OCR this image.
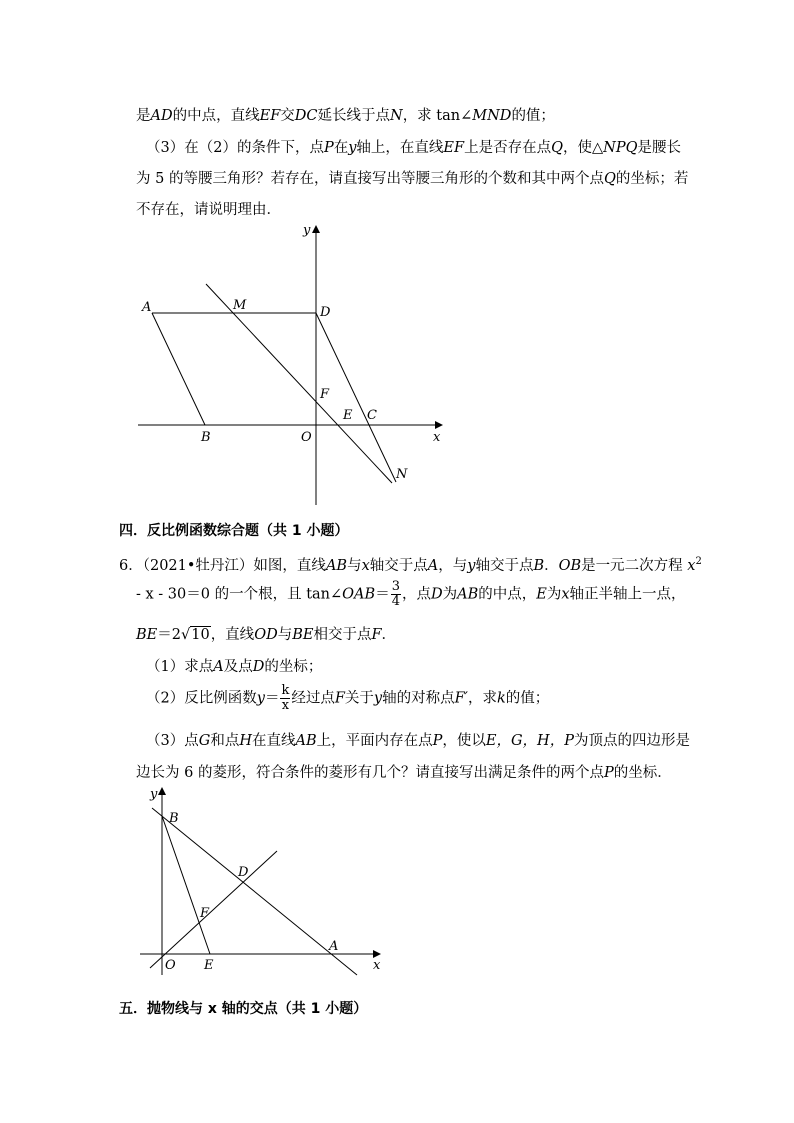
是AD的中点，直线EF交DC延长线于点N，求 tan∠MND的值；
（3）在（2）的条件下，点P在y轴上，在直线EF上是否存在点Q，使△NPQ是腰长
为 5 的等腰三角形？若存在，请直接写出等腰三角形的个数和其中两个点Q的坐标；若
不存在，请说明理由．
y
x
A	M	D
F
E C
B	O
N
四．反比例函数综合题（共 1 小题）
6．（2021•牡丹江）如图，直线AB与x轴交于点A，与y轴交于点B．OB是一元二次方程 $x^2$
- x - 30＝0 的一个根，且 tan∠OAB＝ $\frac{3}{4}$ ，点D为AB的中点，E为x轴正半轴上一点，
BE＝2√10，直线OD与BE相交于点F．
（1）求点A及点D的坐标；
（2）反比例函数$y= \frac{k}{x}$ 经过点F关于y轴的对称点F′，求k的值；
（3）点G和点H在直线AB上，平面内存在点P，使以E，G，H，P为顶点的四边形是
边长为 6 的菱形，符合条件的菱形有几个？请直接写出满足条件的两个点P的坐标．
y
x
B
D
F
O E
A
五．抛物线与 x 轴的交点（共 1 小题）
